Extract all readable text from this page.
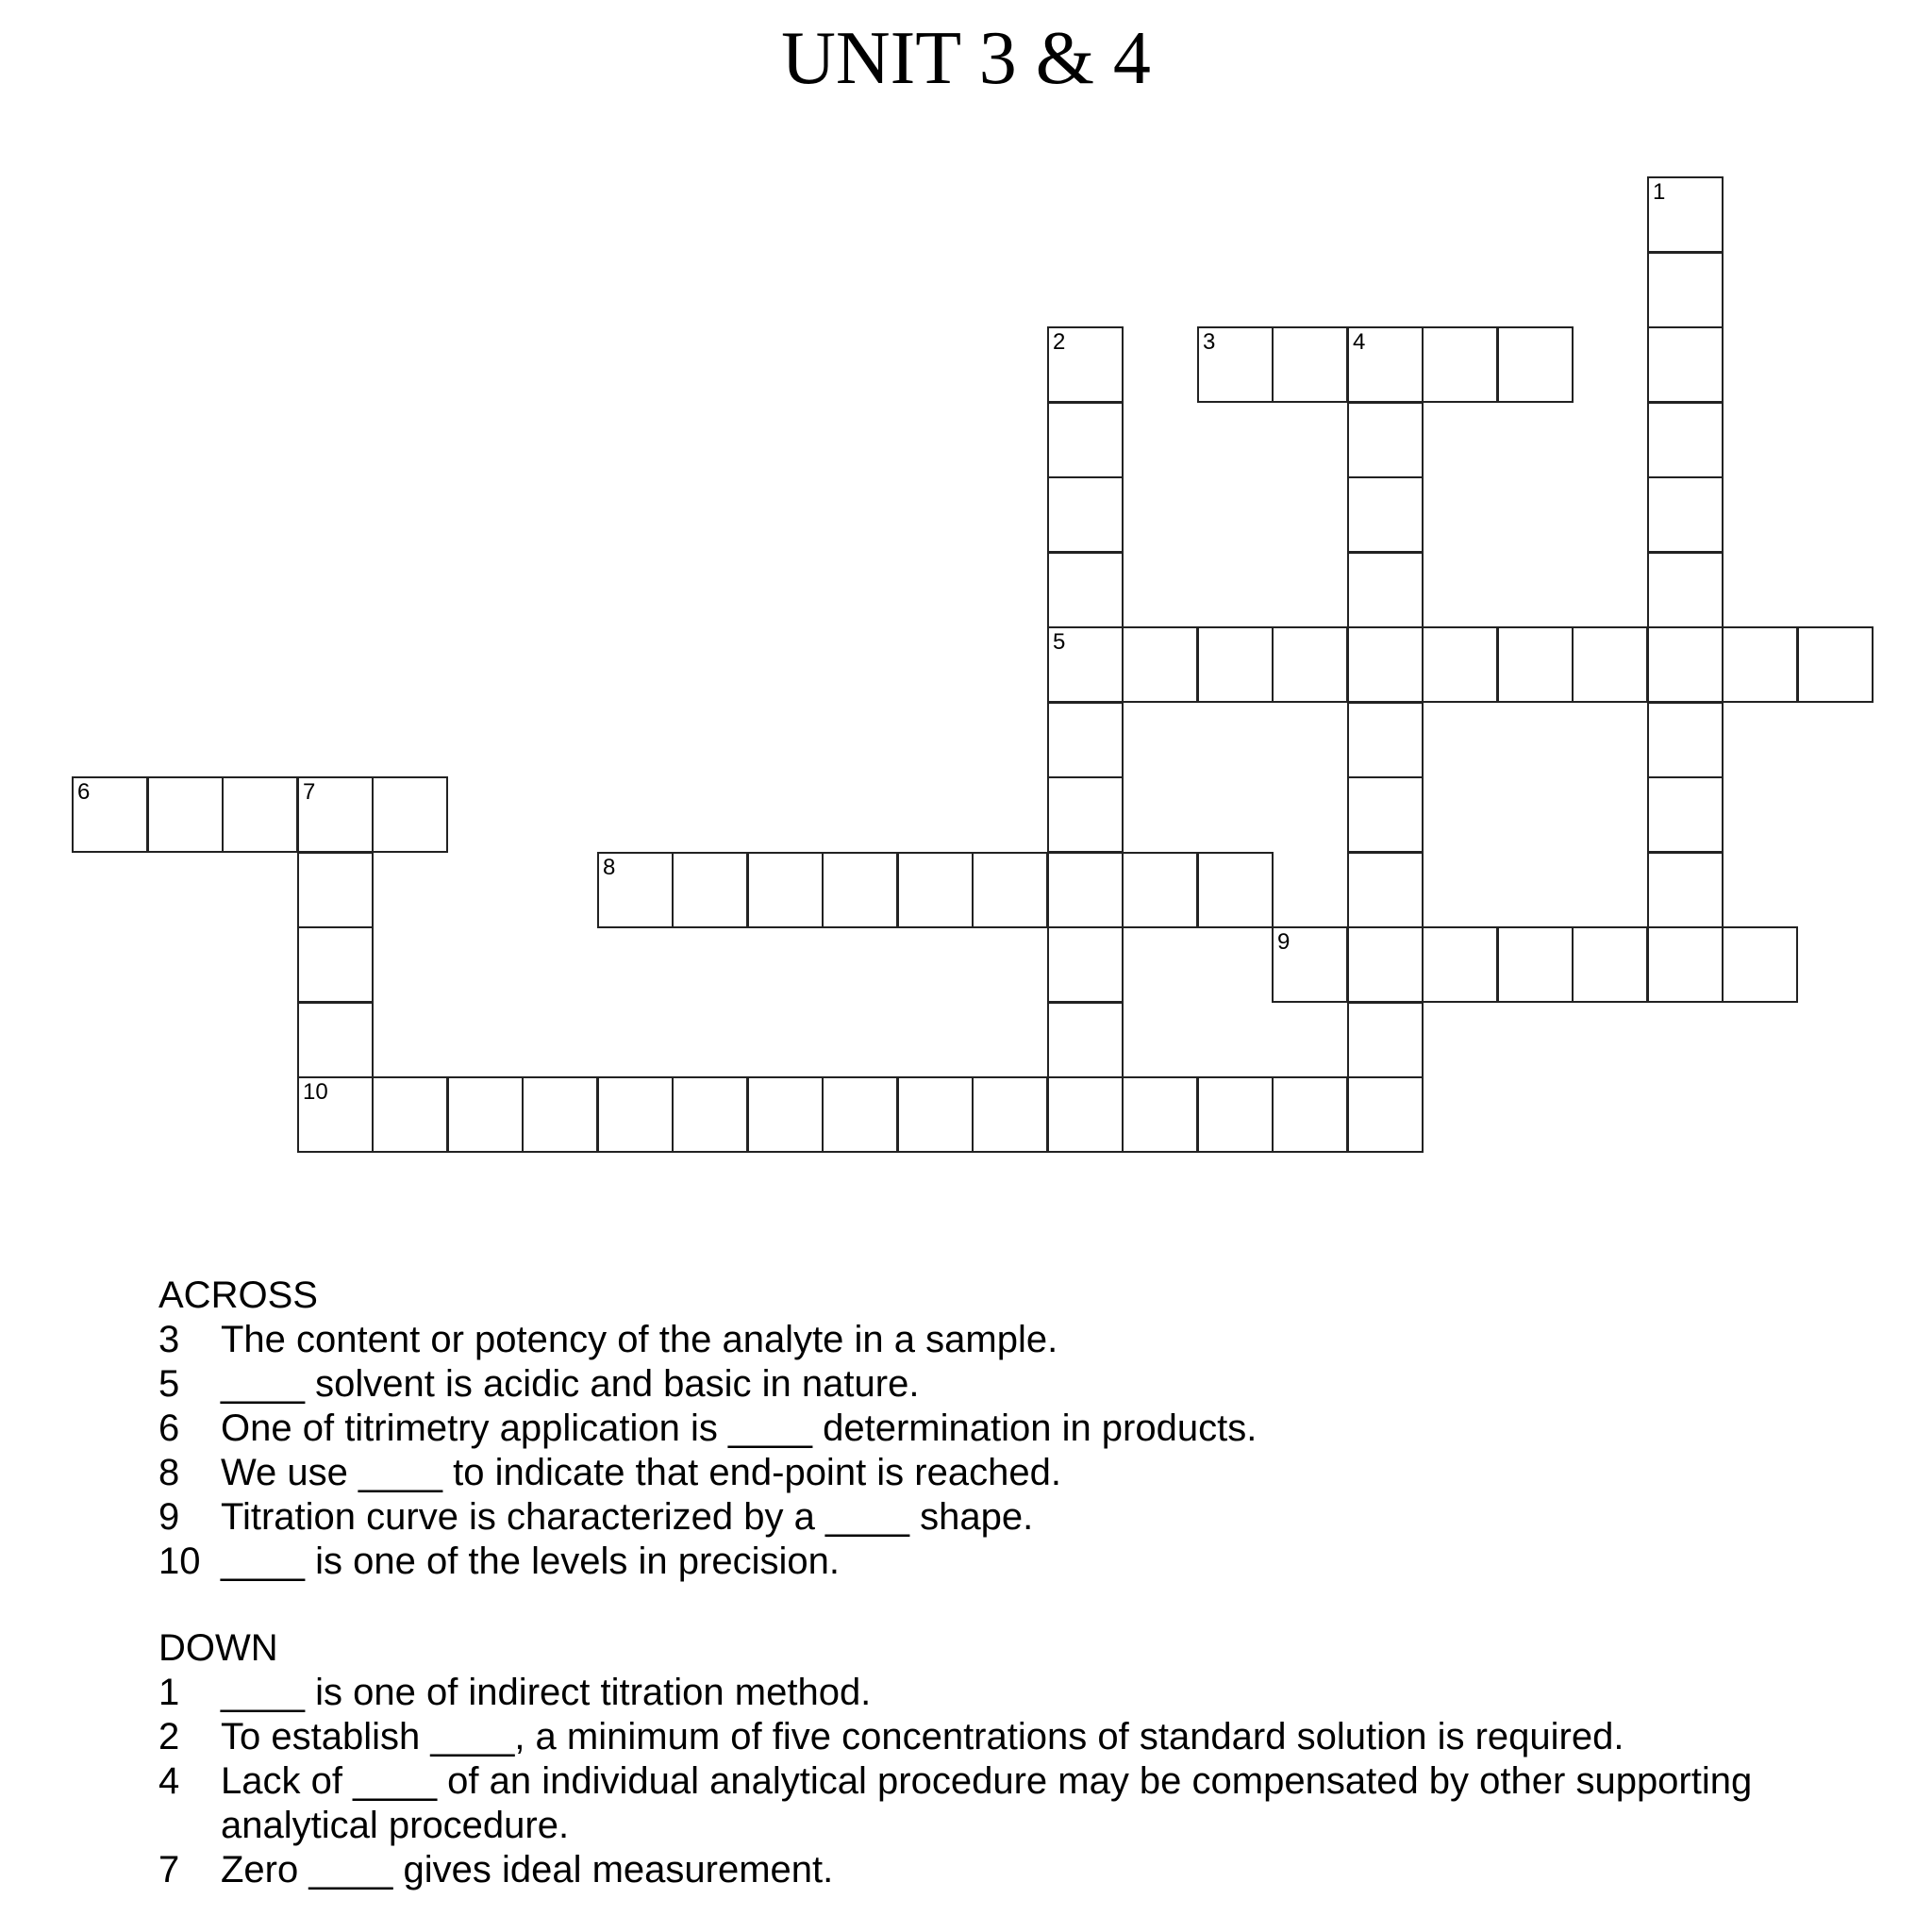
UNIT 3 & 4
1
2
5
3	4
6	7
10
8
9
ACROSS
3	The content or potency of the analyte in a sample.
5	____ solvent is acidic and basic in nature.
6	One of titrimetry application is ____ determination in products.
8	We use ____ to indicate that end-point is reached.
9	Titration curve is characterized by a ____ shape.
10 ____ is one of the levels in precision.
DOWN
1	____ is one of indirect titration method.
2	To establish ____, a minimum of five concentrations of standard solution is required.
4	Lack of ____ of an individual analytical procedure may be compensated by other supporting analytical procedure.
7	Zero ____ gives ideal measurement.
